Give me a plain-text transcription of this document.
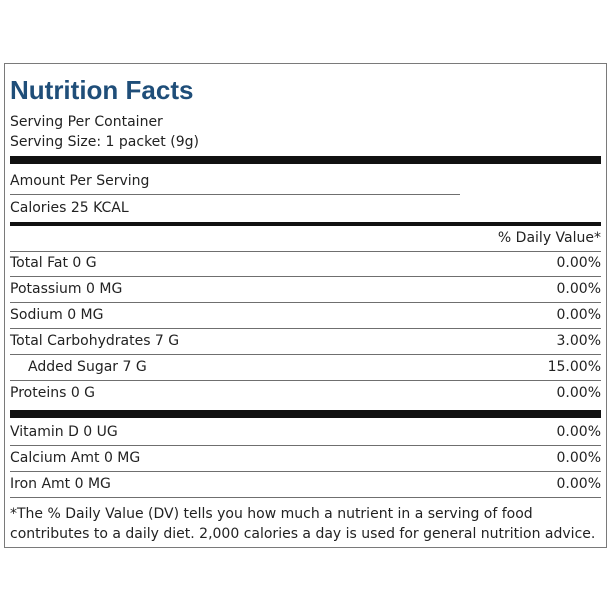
Nutrition Facts
Serving Per Container
Serving Size: 1 packet (9g)
Amount Per Serving
Calories 25 KCAL
% Daily Value*
Total Fat 0 G	0.00%
Potassium 0 MG	0.00%
Sodium 0 MG	0.00%
Total Carbohydrates 7 G	3.00%
Added Sugar 7 G	15.00%
Proteins 0 G	0.00%
Vitamin D 0 UG	0.00%
Calcium Amt 0 MG	0.00%
Iron Amt 0 MG	0.00%
*The % Daily Value (DV) tells you how much a nutrient in a serving of food contributes to a daily diet. 2,000 calories a day is used for general nutrition advice.
